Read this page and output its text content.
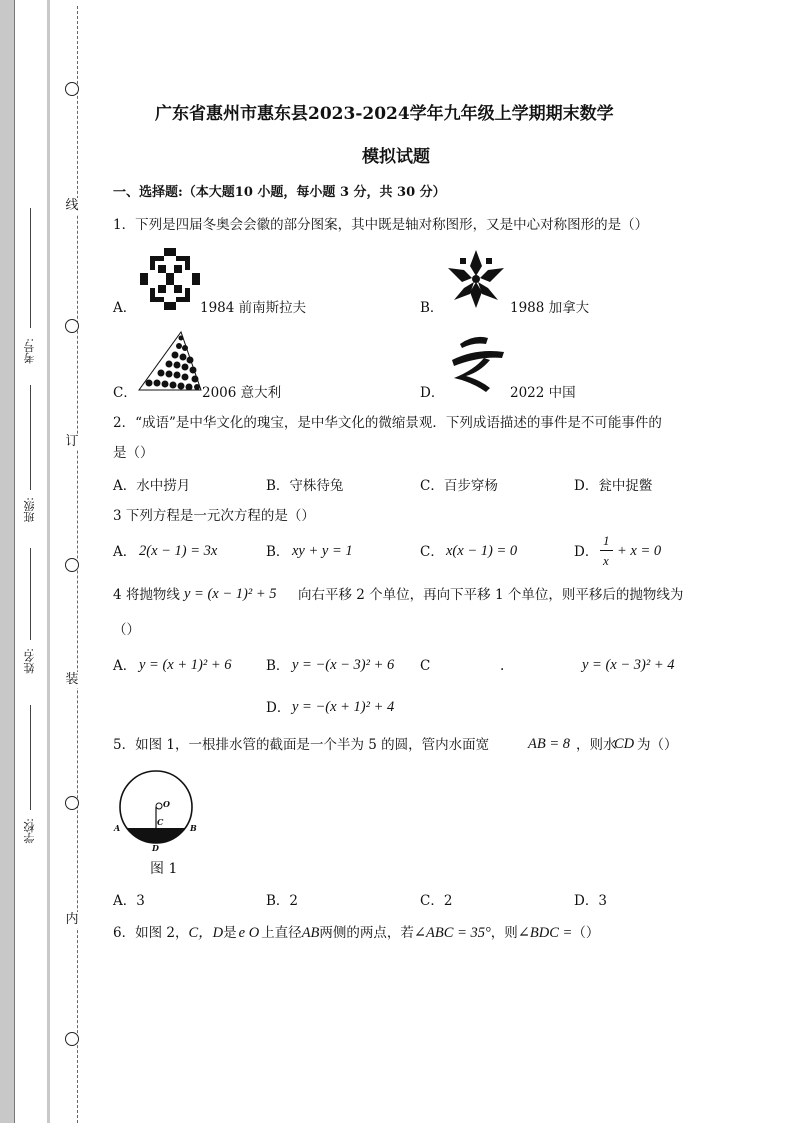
线
订
装
内
考号:
班级:
姓名:
学校:
广东省惠州市惠东县2023-2024学年九年级上学期期末数学
模拟试题
一、选择题:（本大题10 小题，每小题 3 分，共 30 分）
1．下列是四届冬奥会会徽的部分图案，其中既是轴对称图形，又是中心对称图形的是（）
A．	1984 前南斯拉夫	B．	1988 加拿大
C．	2006 意大利	D．	2022 中国
2．“成语”是中华文化的瑰宝，是中华文化的微缩景观．下列成语描述的事件是不可能事件的
是（）
A．水中捞月	B．守株待兔	C．百步穿杨	D．瓮中捉鳖
3 下列方程是一元次方程的是（）
A． 2(x − 1) = 3x	B． xy + y = 1	C． x(x − 1) = 0	D．
1
x
+ x = 0
4 将抛物线 y = (x − 1)² + 5 向右平移 2 个单位，再向下平移 1 个单位，则平移后的抛物线为
（）
A． y = (x + 1)² + 6	B． y = −(x − 3)² + 6 C	.	y = (x − 3)² + 4
D． y = −(x + 1)² + 4
5．如图 1，一根排水管的截面是一个半为 5 的圆，管内水面宽	AB = 8 ，则水
CD 为（）
A	B
C
D
O
图 1
A．3	B．2	C．2	D．3
6．如图 2，C，D是 e O 上直径AB两侧的两点，若∠ABC = 35°，则∠BDC =（）
